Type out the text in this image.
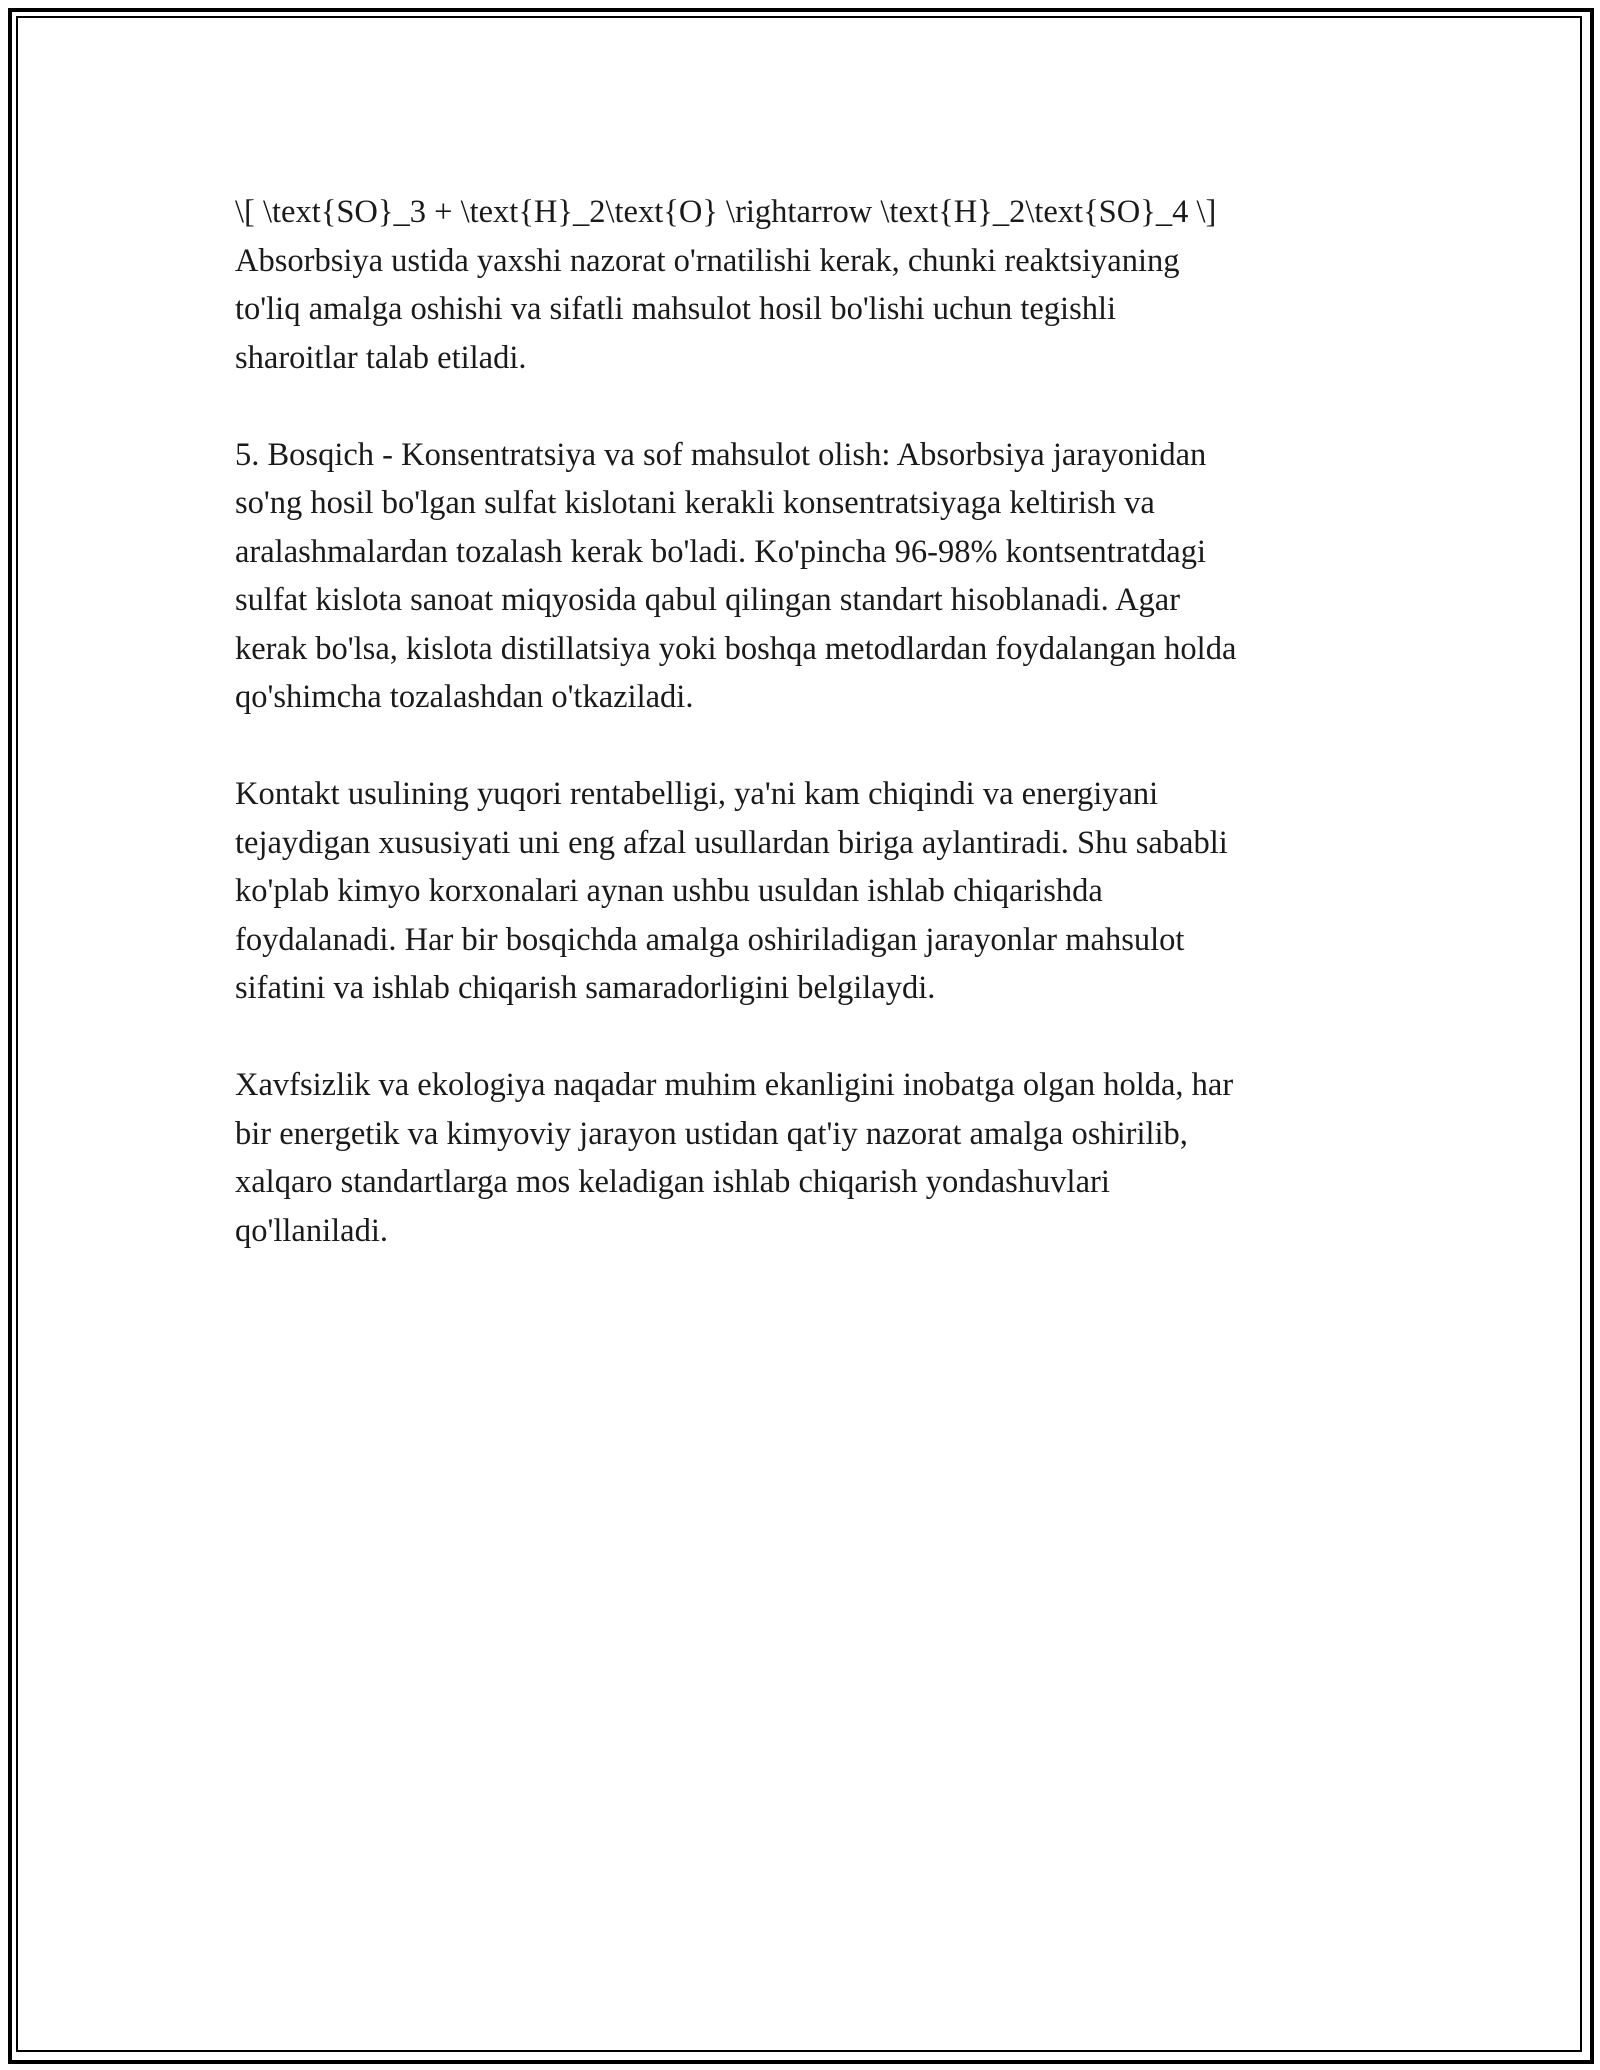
\[ \text{SO}_3 + \text{H}_2\text{O} \rightarrow \text{H}_2\text{SO}_4 \]
Absorbsiya ustida yaxshi nazorat o'rnatilishi kerak, chunki reaktsiyaning
to'liq amalga oshishi va sifatli mahsulot hosil bo'lishi uchun tegishli
sharoitlar talab etiladi.

5. Bosqich - Konsentratsiya va sof mahsulot olish: Absorbsiya jarayonidan
so'ng hosil bo'lgan sulfat kislotani kerakli konsentratsiyaga keltirish va
aralashmalardan tozalash kerak bo'ladi. Ko'pincha 96-98% kontsentratdagi
sulfat kislota sanoat miqyosida qabul qilingan standart hisoblanadi. Agar
kerak bo'lsa, kislota distillatsiya yoki boshqa metodlardan foydalangan holda
qo'shimcha tozalashdan o'tkaziladi.

Kontakt usulining yuqori rentabelligi, ya'ni kam chiqindi va energiyani
tejaydigan xususiyati uni eng afzal usullardan biriga aylantiradi. Shu sababli
ko'plab kimyo korxonalari aynan ushbu usuldan ishlab chiqarishda
foydalanadi. Har bir bosqichda amalga oshiriladigan jarayonlar mahsulot
sifatini va ishlab chiqarish samaradorligini belgilaydi.

Xavfsizlik va ekologiya naqadar muhim ekanligini inobatga olgan holda, har
bir energetik va kimyoviy jarayon ustidan qat'iy nazorat amalga oshirilib,
xalqaro standartlarga mos keladigan ishlab chiqarish yondashuvlari
qo'llaniladi.
